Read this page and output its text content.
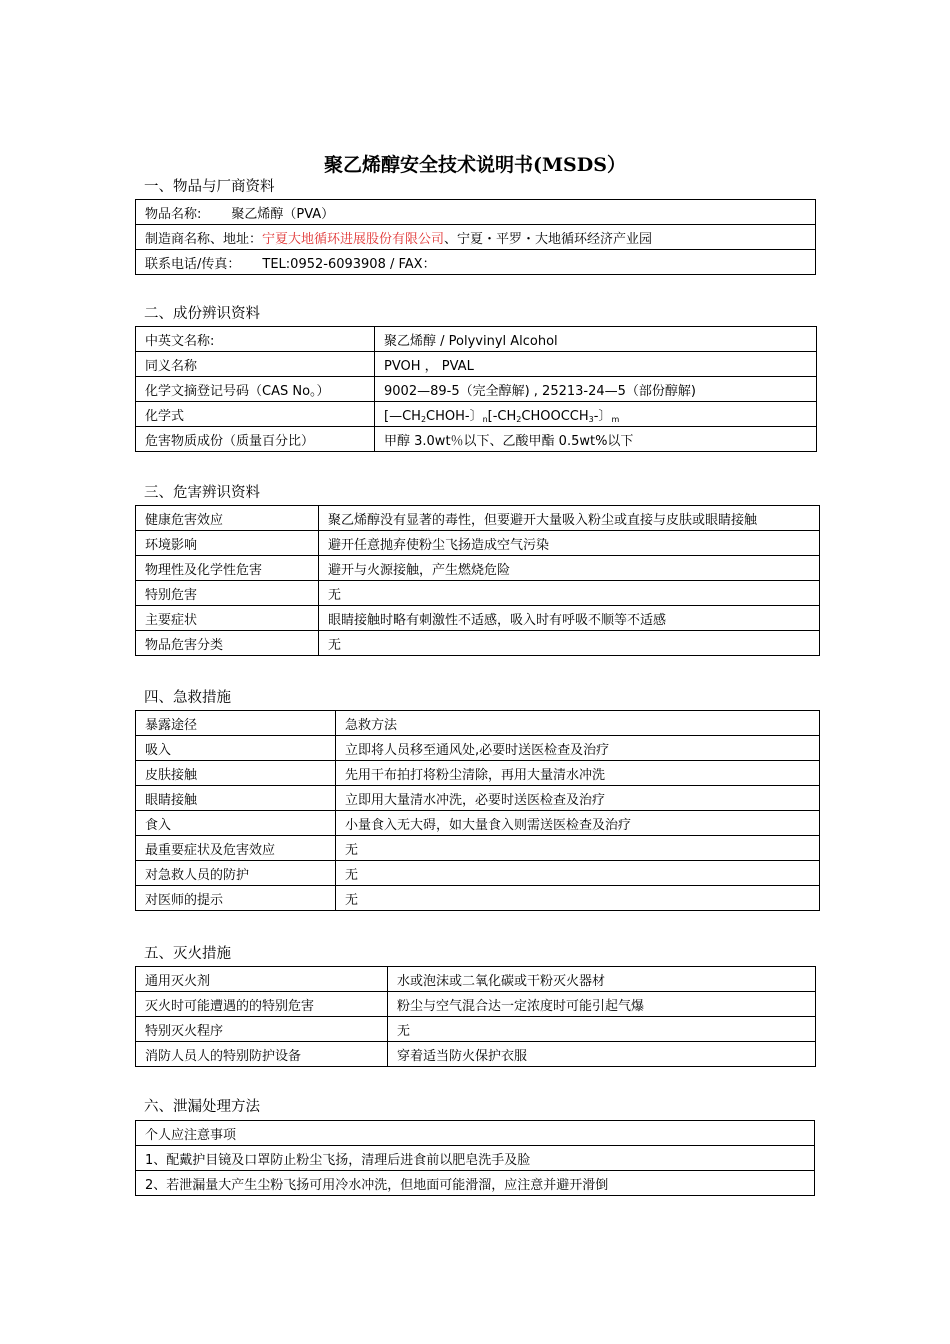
聚乙烯醇安全技术说明书(MSDS）
一、物品与厂商资料
物品名称: 聚乙烯醇（PVA）
制造商名称、地址：宁夏大地循环进展股份有限公司、宁夏・平罗・大地循环经济产业园
联系电话/传真： TEL:0952-6093908 / FAX：
二、成份辨识资料
中英文名称:	聚乙烯醇 / Polyvinyl Alcohol
同义名称	PVOH ， PVAL
化学文摘登记号码（CAS No。）	9002—89-5（完全醇解) , 25213-24—5（部份醇解)
化学式	[$—CH_2CHOH-$〕$_n[-CH_2CHOOCCH_3-$〕$_m$
危害物质成份（质量百分比）	甲醇 3.0wt％以下、乙酸甲酯 0.5wt%以下
三、危害辨识资料
健康危害效应	聚乙烯醇没有显著的毒性，但要避开大量吸入粉尘或直接与皮肤或眼睛接触
环境影响	避开任意抛弃使粉尘飞扬造成空气污染
物理性及化学性危害	避开与火源接触，产生燃烧危险
特别危害	无
主要症状	眼睛接触时略有刺激性不适感，吸入时有呼吸不顺等不适感
物品危害分类	无
四、急救措施
暴露途径	急救方法
吸入	立即将人员移至通风处,必要时送医检查及治疗
皮肤接触	先用干布拍打将粉尘清除，再用大量清水冲洗
眼睛接触	立即用大量清水冲洗，必要时送医检查及治疗
食入	小量食入无大碍，如大量食入则需送医检查及治疗
最重要症状及危害效应	无
对急救人员的防护	无
对医师的提示	无
五、灭火措施
通用灭火剂	水或泡沫或二氧化碳或干粉灭火器材
灭火时可能遭遇的的特别危害	粉尘与空气混合达一定浓度时可能引起气爆
特别灭火程序	无
消防人员人的特别防护设备	穿着适当防火保护衣服
六、泄漏处理方法
个人应注意事项
1、配戴护目镜及口罩防止粉尘飞扬，清理后进食前以肥皂洗手及脸
2、若泄漏量大产生尘粉飞扬可用冷水冲洗，但地面可能滑溜，应注意并避开滑倒
